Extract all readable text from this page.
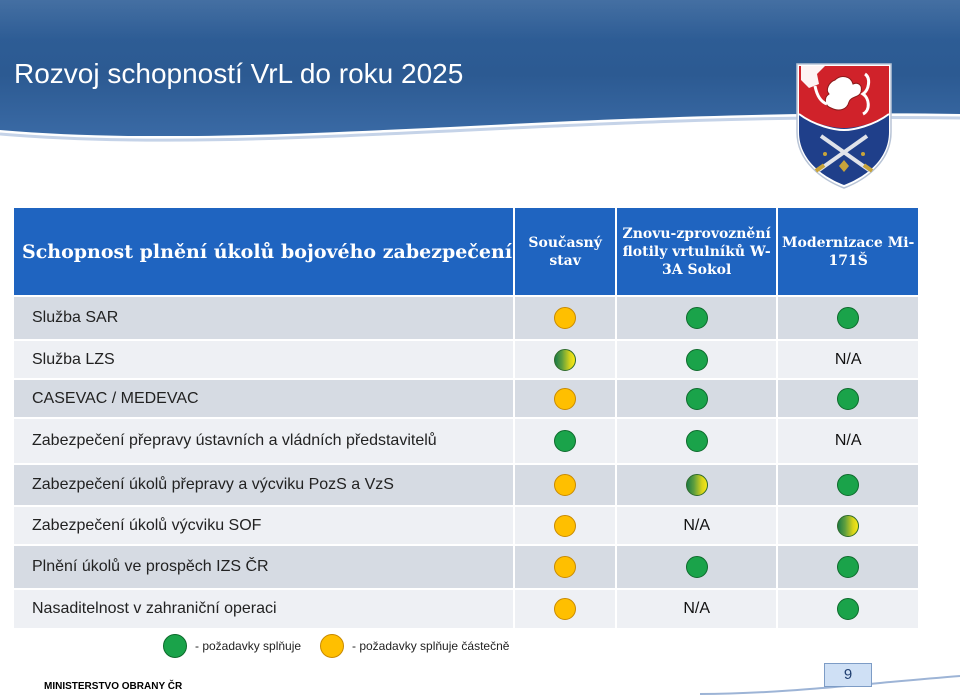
Rozvoj schopností VrL do roku 2025
Schopnost plnění úkolů bojového zabezpečení	Současný stav	Znovu-zprovoznění flotily vrtulníků W-3A Sokol	Modernizace Mi-171Š
Služba SAR			
Služba LZS			N/A
CASEVAC / MEDEVAC			
Zabezpečení přepravy ústavních a vládních představitelů			N/A
Zabezpečení úkolů přepravy a výcviku PozS a VzS			
Zabezpečení úkolů výcviku SOF		N/A	
Plnění úkolů ve prospěch IZS ČR			
Nasaditelnost v zahraniční operaci		N/A	
- požadavky splňuje	- požadavky splňuje částečně
MINISTERSTVO OBRANY ČR
9
